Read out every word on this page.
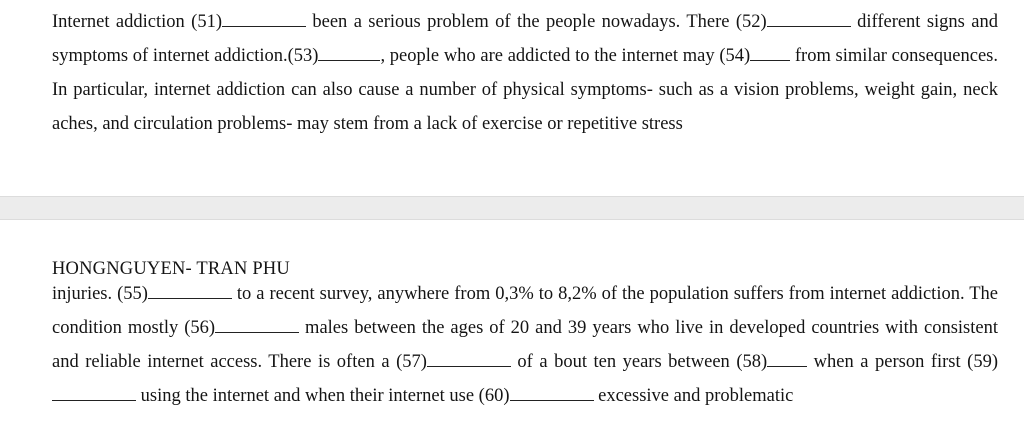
Internet addiction (51)	been a serious problem of the people nowadays. There (52)	different signs and symptoms of internet addiction.(53)	, people who are addicted to the internet may (54) from similar consequences. In particular, internet addiction can also cause a number of physical symptoms- such as a vision problems, weight gain, neck aches, and circulation problems- may stem from a lack of exercise or repetitive stress

HONGNGUYEN- TRAN PHU

injuries. (55)	to a recent survey, anywhere from 0,3% to 8,2% of the population suffers from internet addiction. The condition mostly (56)	males between the ages of 20 and 39 years who live in developed countries with consistent and reliable internet access. There is often a (57)	of a bout ten years between (58) when a person first (59) using the internet and when their internet use (60)	excessive and problematic
